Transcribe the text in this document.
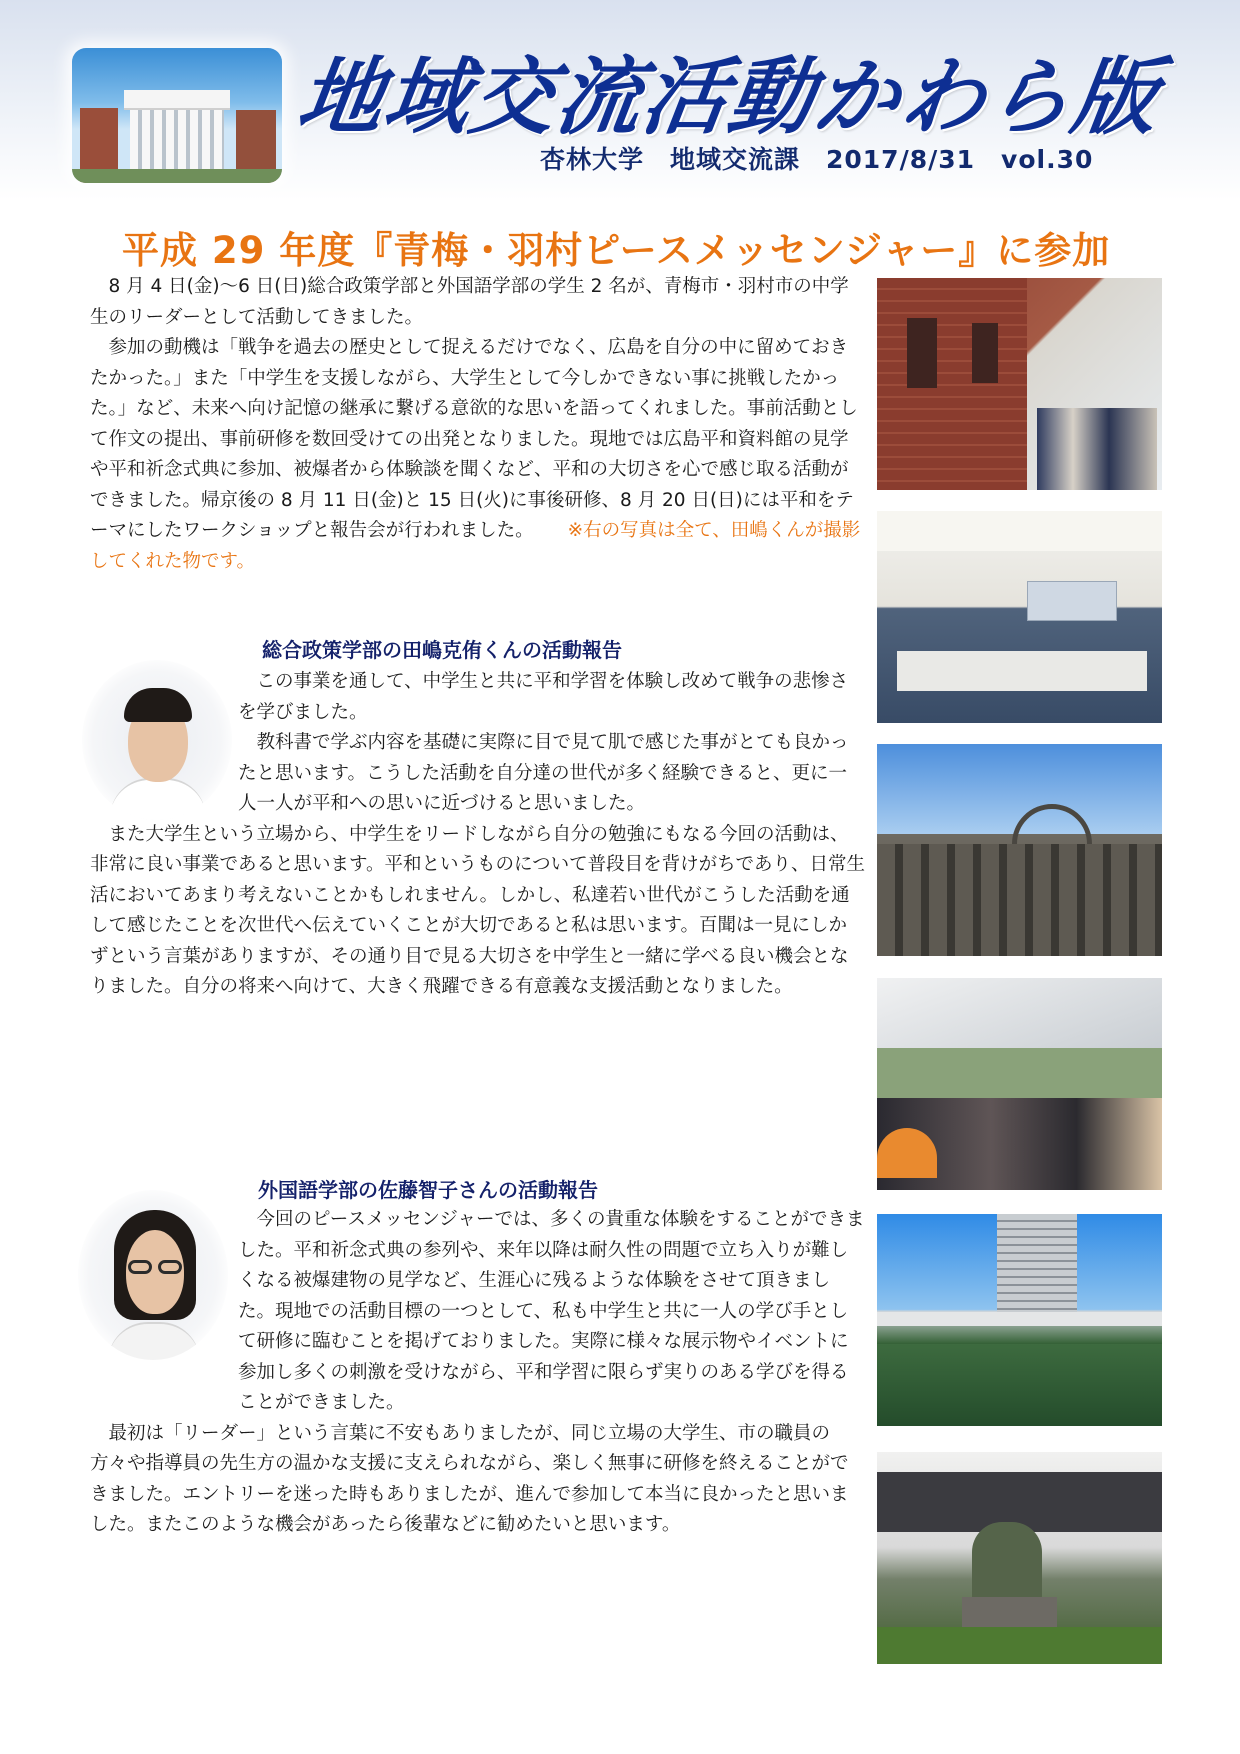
地域交流活動かわら版
杏林大学　地域交流課　2017/8/31　vol.30
平成 29 年度『青梅・羽村ピースメッセンジャー』に参加

8 月 4 日(金)～6 日(日)総合政策学部と外国語学部の学生 2 名が、青梅市・羽村市の中学生のリーダーとして活動してきました。

参加の動機は「戦争を過去の歴史として捉えるだけでなく、広島を自分の中に留めておきたかった。」また「中学生を支援しながら、大学生として今しかできない事に挑戦したかった。」など、未来へ向け記憶の継承に繋げる意欲的な思いを語ってくれました。事前活動として作文の提出、事前研修を数回受けての出発となりました。現地では広島平和資料館の見学や平和祈念式典に参加、被爆者から体験談を聞くなど、平和の大切さを心で感じ取る活動ができました。帰京後の 8 月 11 日(金)と 15 日(火)に事後研修、8 月 20 日(日)には平和をテーマにしたワークショップと報告会が行われました。 ※右の写真は全て、田嶋くんが撮影してくれた物です。

総合政策学部の田嶋克侑くんの活動報告

この事業を通して、中学生と共に平和学習を体験し改めて戦争の悲惨さを学びました。

教科書で学ぶ内容を基礎に実際に目で見て肌で感じた事がとても良かったと思います。こうした活動を自分達の世代が多く経験できると、更に一人一人が平和への思いに近づけると思いました。

また大学生という立場から、中学生をリードしながら自分の勉強にもなる今回の活動は、非常に良い事業であると思います。平和というものについて普段目を背けがちであり、日常生活においてあまり考えないことかもしれません。しかし、私達若い世代がこうした活動を通して感じたことを次世代へ伝えていくことが大切であると私は思います。百聞は一見にしかずという言葉がありますが、その通り目で見る大切さを中学生と一緒に学べる良い機会となりました。自分の将来へ向けて、大きく飛躍できる有意義な支援活動となりました。

外国語学部の佐藤智子さんの活動報告

今回のピースメッセンジャーでは、多くの貴重な体験をすることができました。平和祈念式典の参列や、来年以降は耐久性の問題で立ち入りが難しくなる被爆建物の見学など、生涯心に残るような体験をさせて頂きました。現地での活動目標の一つとして、私も中学生と共に一人の学び手として研修に臨むことを掲げておりました。実際に様々な展示物やイベントに参加し多くの刺激を受けながら、平和学習に限らず実りのある学びを得ることができました。

最初は「リーダー」という言葉に不安もありましたが、同じ立場の大学生、市の職員の方々や指導員の先生方の温かな支援に支えられながら、楽しく無事に研修を終えることができました。エントリーを迷った時もありましたが、進んで参加して本当に良かったと思いました。またこのような機会があったら後輩などに勧めたいと思います。
